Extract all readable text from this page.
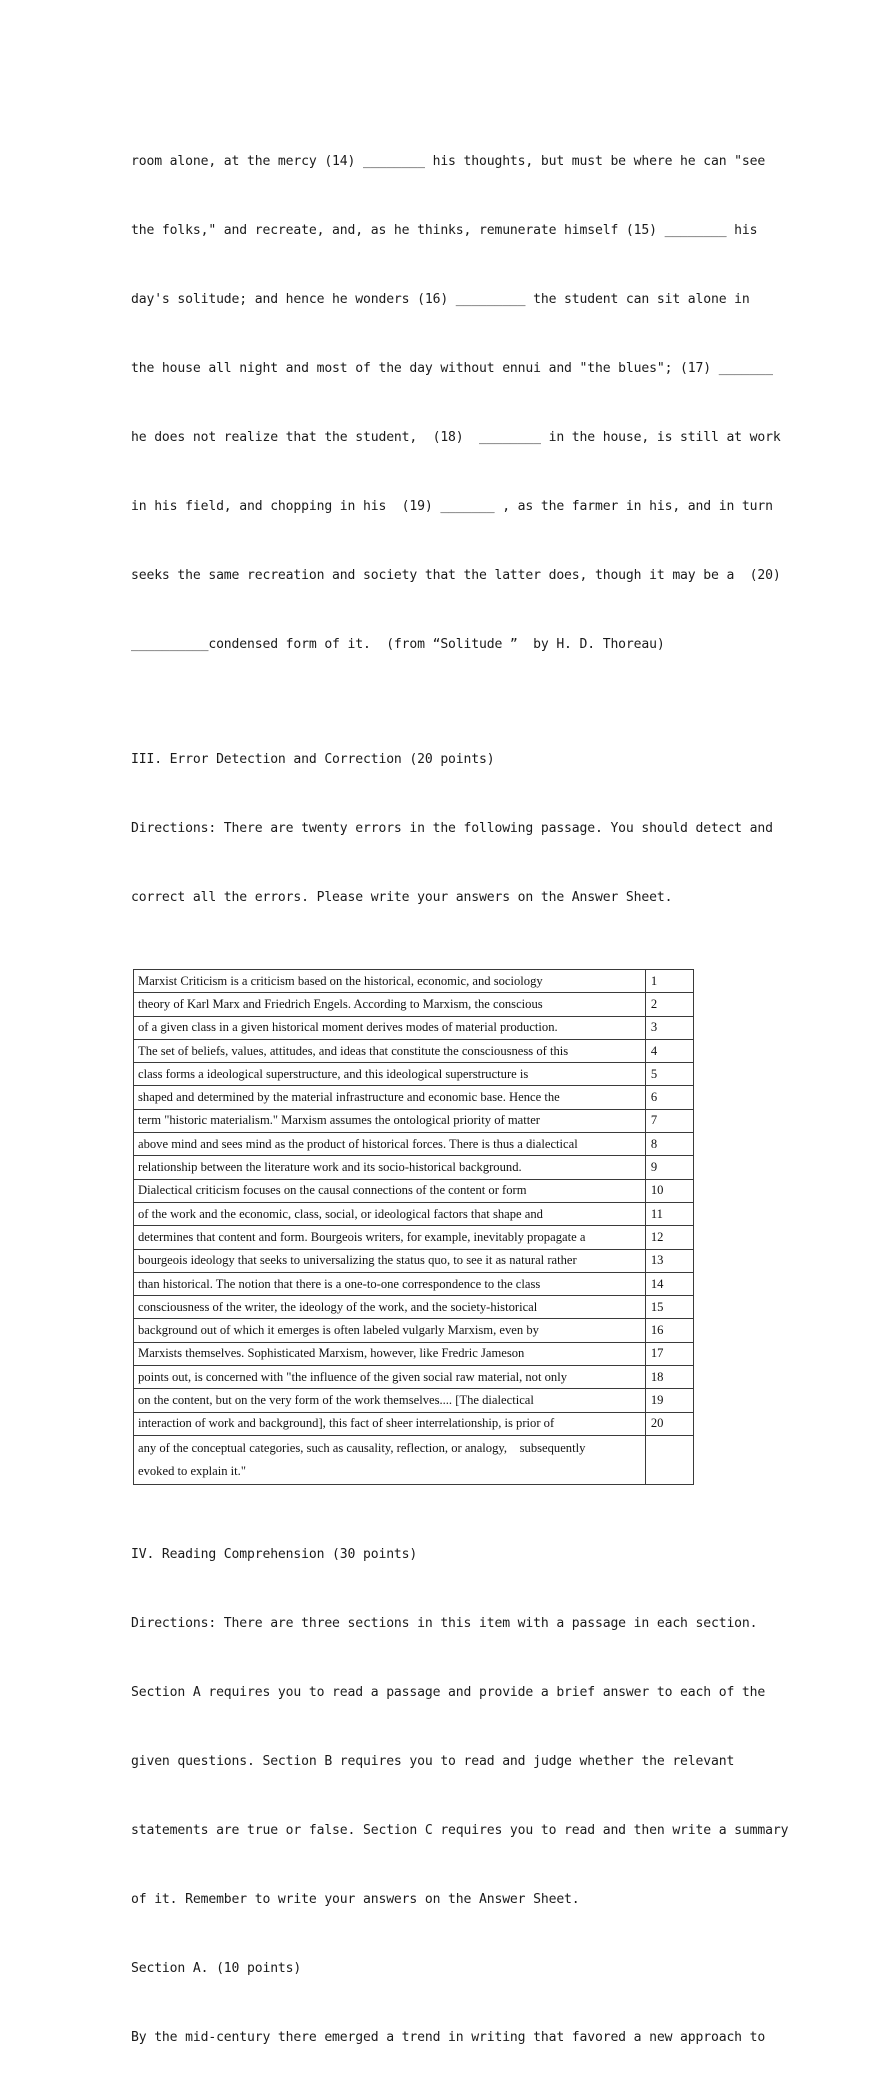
room alone, at the mercy (14) ________ his thoughts, but must be where he can "see

the folks," and recreate, and, as he thinks, remunerate himself (15) ________ his

day's solitude; and hence he wonders (16) _________ the student can sit alone in

the house all night and most of the day without ennui and "the blues"; (17) _______

he does not realize that the student,  (18)  ________ in the house, is still at work

in his field, and chopping in his  (19) _______ , as the farmer in his, and in turn

seeks the same recreation and society that the latter does, though it may be a  (20)

__________condensed form of it.  (from “Solitude ”  by H. D. Thoreau)

III. Error Detection and Correction (20 points)

Directions: There are twenty errors in the following passage. You should detect and

correct all the errors. Please write your answers on the Answer Sheet.

Marxist Criticism is a criticism based on the historical, economic, and sociology	1
theory of Karl Marx and Friedrich Engels. According to Marxism, the conscious	2
of a given class in a given historical moment derives modes of material production.	3
The set of beliefs, values, attitudes, and ideas that constitute the consciousness of this	4
class forms a ideological superstructure, and this ideological superstructure is	5
shaped and determined by the material infrastructure and economic base. Hence the	6
term "historic materialism." Marxism assumes the ontological priority of matter	7
above mind and sees mind as the product of historical forces. There is thus a dialectical	8
relationship between the literature work and its socio-historical background.	9
Dialectical criticism focuses on the causal connections of the content or form	10
of the work and the economic, class, social, or ideological factors that shape and	11
determines that content and form. Bourgeois writers, for example, inevitably propagate a	12
bourgeois ideology that seeks to universalizing the status quo, to see it as natural rather	13
than historical. The notion that there is a one-to-one correspondence to the class	14
consciousness of the writer, the ideology of the work, and the society-historical	15
background out of which it emerges is often labeled vulgarly Marxism, even by	16
Marxists themselves. Sophisticated Marxism, however, like Fredric Jameson	17
points out, is concerned with "the influence of the given social raw material, not only	18
on the content, but on the very form of the work themselves.... [The dialectical	19
interaction of work and background], this fact of sheer interrelationship, is prior of	20

any of the conceptual categories, such as causality, reflection, or analogy,    subsequently
evoked to explain it."	

IV. Reading Comprehension (30 points)

Directions: There are three sections in this item with a passage in each section.

Section A requires you to read a passage and provide a brief answer to each of the

given questions. Section B requires you to read and judge whether the relevant

statements are true or false. Section C requires you to read and then write a summary

of it. Remember to write your answers on the Answer Sheet.

Section A. (10 points)

By the mid-century there emerged a trend in writing that favored a new approach to
